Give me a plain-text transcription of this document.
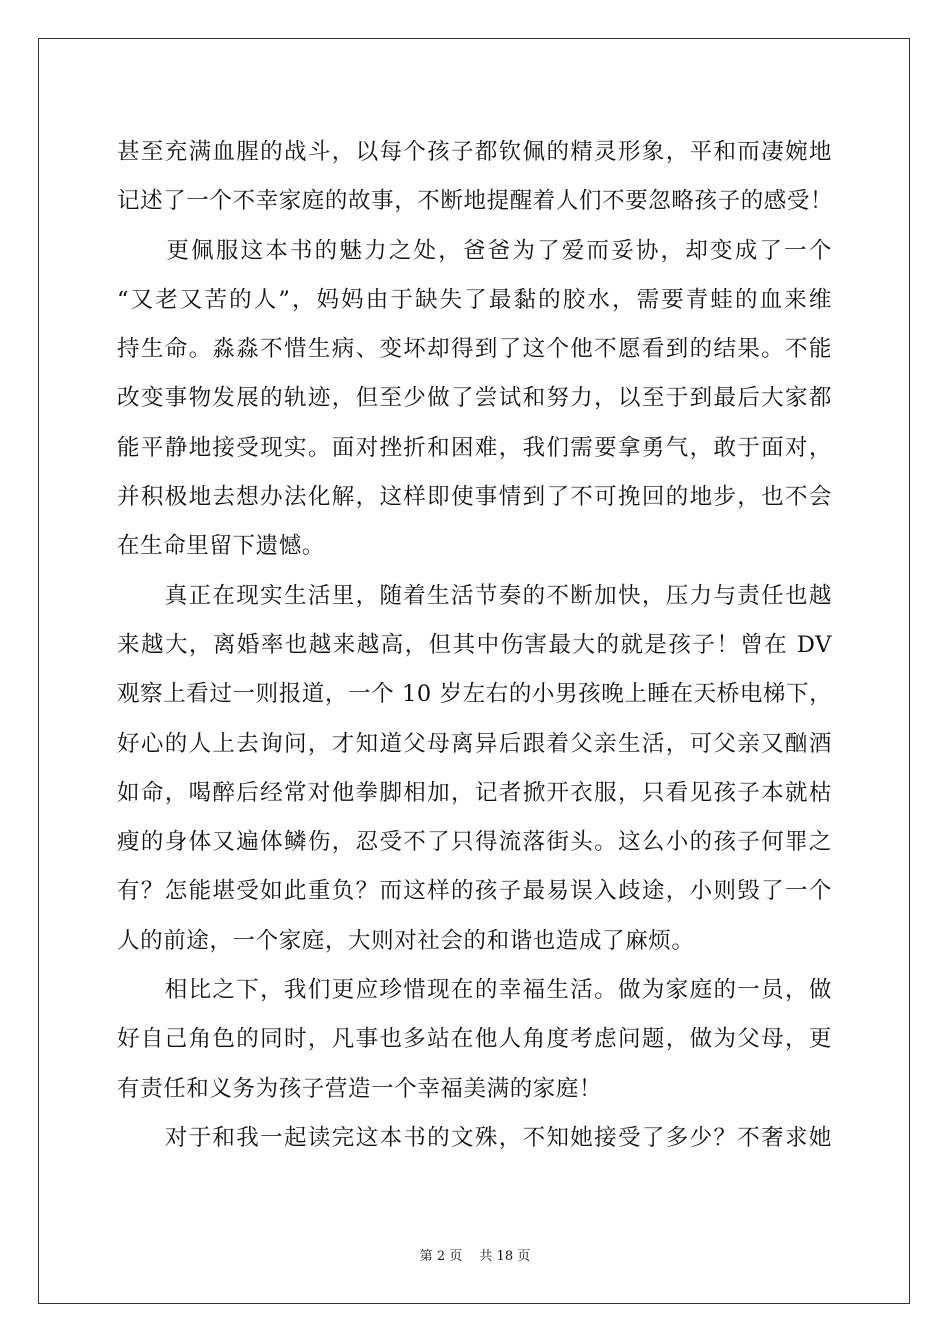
甚至充满血腥的战斗，以每个孩子都钦佩的精灵形象，平和而凄婉地
记述了一个不幸家庭的故事，不断地提醒着人们不要忽略孩子的感受！
　　更佩服这本书的魅力之处，爸爸为了爱而妥协，却变成了一个
“又老又苦的人”，妈妈由于缺失了最黏的胶水，需要青蛙的血来维
持生命。淼淼不惜生病、变坏却得到了这个他不愿看到的结果。不能
改变事物发展的轨迹，但至少做了尝试和努力，以至于到最后大家都
能平静地接受现实。面对挫折和困难，我们需要拿勇气，敢于面对，
并积极地去想办法化解，这样即使事情到了不可挽回的地步，也不会
在生命里留下遗憾。
　　真正在现实生活里，随着生活节奏的不断加快，压力与责任也越
来越大，离婚率也越来越高，但其中伤害最大的就是孩子！曾在 DV
观察上看过一则报道，一个 10 岁左右的小男孩晚上睡在天桥电梯下，
好心的人上去询问，才知道父母离异后跟着父亲生活，可父亲又酗酒
如命，喝醉后经常对他拳脚相加，记者掀开衣服，只看见孩子本就枯
瘦的身体又遍体鳞伤，忍受不了只得流落街头。这么小的孩子何罪之
有？怎能堪受如此重负？而这样的孩子最易误入歧途，小则毁了一个
人的前途，一个家庭，大则对社会的和谐也造成了麻烦。
　　相比之下，我们更应珍惜现在的幸福生活。做为家庭的一员，做
好自己角色的同时，凡事也多站在他人角度考虑问题，做为父母，更
有责任和义务为孩子营造一个幸福美满的家庭！
　　对于和我一起读完这本书的文殊，不知她接受了多少？不奢求她
第 2 页　 共 18 页
